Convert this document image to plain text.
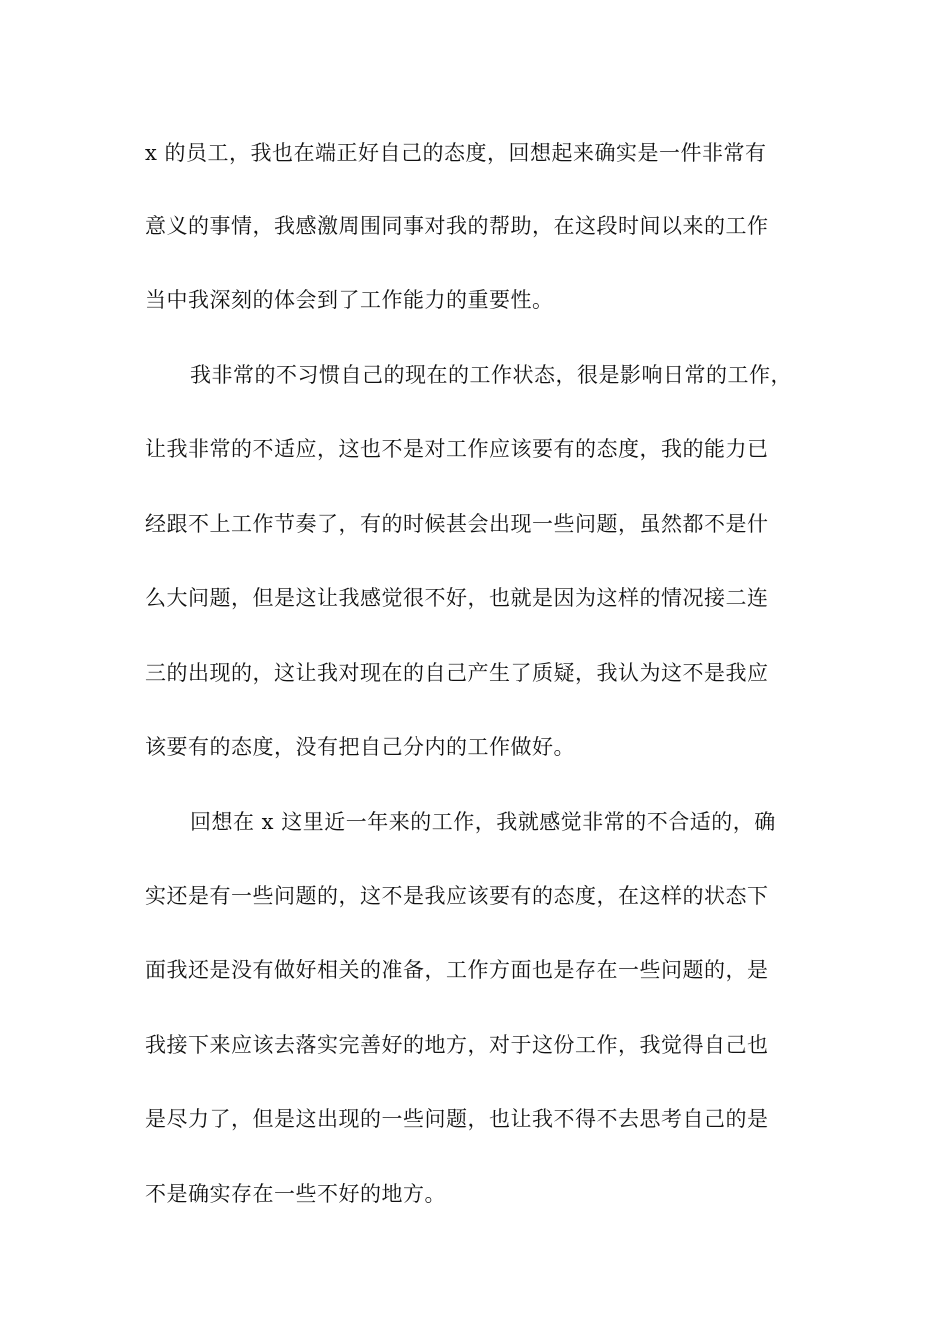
x 的员工，我也在端正好自己的态度，回想起来确实是一件非常有
意义的事情，我感激周围同事对我的帮助，在这段时间以来的工作
当中我深刻的体会到了工作能力的重要性。
我非常的不习惯自己的现在的工作状态，很是影响日常的工作，
让我非常的不适应，这也不是对工作应该要有的态度，我的能力已
经跟不上工作节奏了，有的时候甚会出现一些问题，虽然都不是什
么大问题，但是这让我感觉很不好，也就是因为这样的情况接二连
三的出现的，这让我对现在的自己产生了质疑，我认为这不是我应
该要有的态度，没有把自己分内的工作做好。
回想在 x 这里近一年来的工作，我就感觉非常的不合适的，确
实还是有一些问题的，这不是我应该要有的态度，在这样的状态下
面我还是没有做好相关的准备，工作方面也是存在一些问题的，是
我接下来应该去落实完善好的地方，对于这份工作，我觉得自己也
是尽力了，但是这出现的一些问题，也让我不得不去思考自己的是
不是确实存在一些不好的地方。
